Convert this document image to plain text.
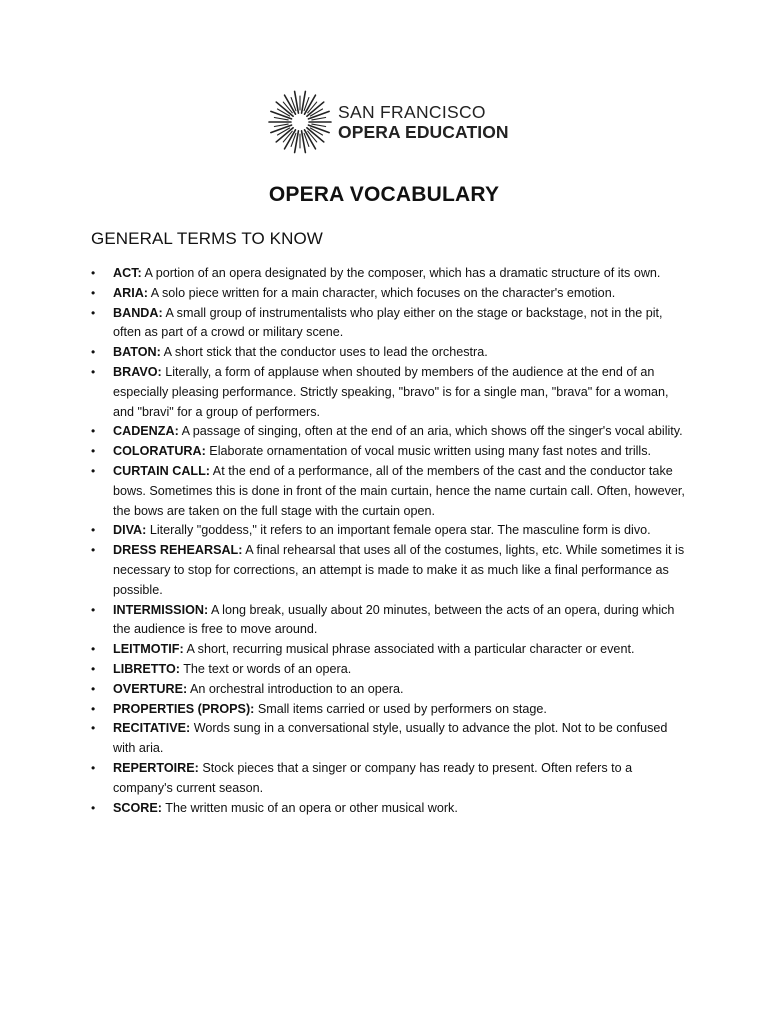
SAN FRANCISCO
OPERA EDUCATION
OPERA VOCABULARY
GENERAL TERMS TO KNOW
• ACT: A portion of an opera designated by the composer, which has a dramatic structure of its own.
• ARIA: A solo piece written for a main character, which focuses on the character's emotion.
• BANDA: A small group of instrumentalists who play either on the stage or backstage, not in the pit, often as part of a crowd or military scene.
• BATON: A short stick that the conductor uses to lead the orchestra.
• BRAVO: Literally, a form of applause when shouted by members of the audience at the end of an especially pleasing performance. Strictly speaking, "bravo" is for a single man, "brava" for a woman, and "bravi" for a group of performers.
• CADENZA: A passage of singing, often at the end of an aria, which shows off the singer's vocal ability.
• COLORATURA: Elaborate ornamentation of vocal music written using many fast notes and trills.
• CURTAIN CALL: At the end of a performance, all of the members of the cast and the conductor take bows. Sometimes this is done in front of the main curtain, hence the name curtain call. Often, however, the bows are taken on the full stage with the curtain open.
• DIVA: Literally "goddess," it refers to an important female opera star. The masculine form is divo.
• DRESS REHEARSAL: A final rehearsal that uses all of the costumes, lights, etc. While sometimes it is necessary to stop for corrections, an attempt is made to make it as much like a final performance as possible.
• INTERMISSION: A long break, usually about 20 minutes, between the acts of an opera, during which the audience is free to move around.
• LEITMOTIF: A short, recurring musical phrase associated with a particular character or event.
• LIBRETTO: The text or words of an opera.
• OVERTURE: An orchestral introduction to an opera.
• PROPERTIES (PROPS): Small items carried or used by performers on stage.
• RECITATIVE: Words sung in a conversational style, usually to advance the plot. Not to be confused with aria.
• REPERTOIRE: Stock pieces that a singer or company has ready to present. Often refers to a company's current season.
• SCORE: The written music of an opera or other musical work.
